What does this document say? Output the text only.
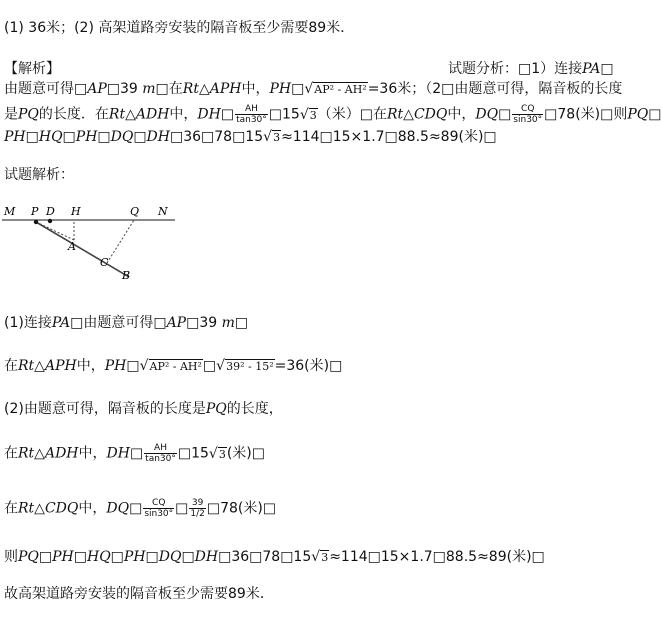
(1) 36米；(2) 高架道路旁安装的隔音板至少需要89米．
【解析】	试题分析：□1）连接PA□
由题意可得□AP□39 m□在Rt△APH中，PH□√AP² - AH²=36米；（2□由题意可得，隔音板的长度
是PQ的长度．在Rt△ADH中，DH□ $\frac{AH}{\tan 30^\circ}$ □15√3（米）□在Rt△CDQ中，DQ□ $\frac{CQ}{\sin 30^\circ}$ □78(米)□则PQ□
PH□HQ□PH□DQ□DH□36□78□15√3≈114□15×1.7□88.5≈89(米)□
试题解析：
M P D H	Q N
A
C
B
(1)连接PA□由题意可得□AP□39 m□
在Rt△APH中，PH□√AP² - AH²□√39² - 15²=36(米)□
(2)由题意可得，隔音板的长度是PQ的长度，
在Rt△ADH中，DH□ $\frac{AH}{\tan 30^\circ}$ □15√3(米)□
在Rt△CDQ中，DQ□ $\frac{CQ}{\sin 30^\circ}$ □ $\frac{39}{1/2}$ □78(米)□
则PQ□PH□HQ□PH□DQ□DH□36□78□15√3≈114□15×1.7□88.5≈89(米)□
故高架道路旁安装的隔音板至少需要89米．
